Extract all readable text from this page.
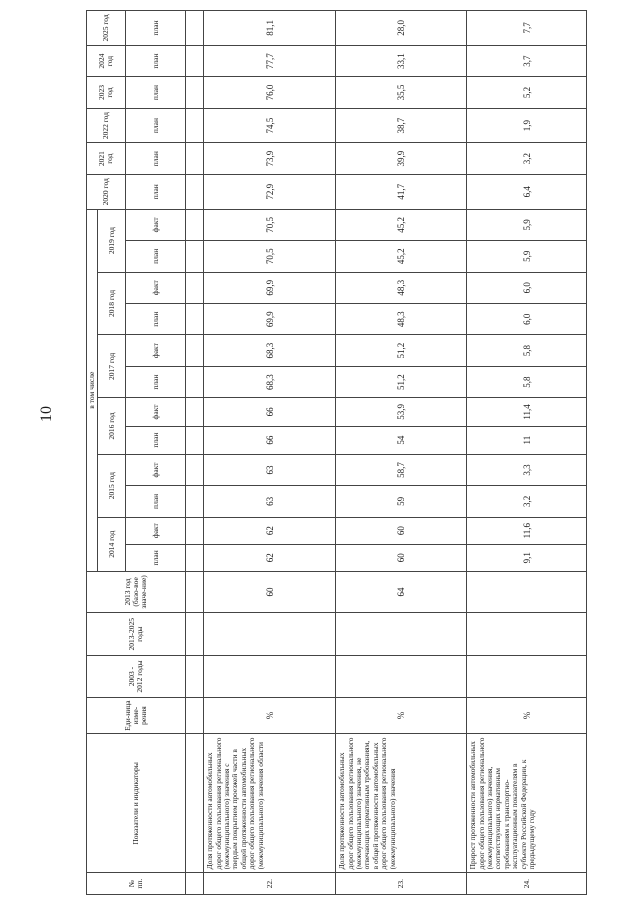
10
№ пп.	Показатели и индикаторы	Еди-ница изме-рения	2003 - 2012 годы	2013-2025 годы	2013 год (базо-вое значе-ние)	в том числе												2020 год	2021 год	2022 год	2023 год	2024 год	2025 год
						2014 год		2015 год		2016 год		2017 год		2018 год		2019 год							
						план	факт	план	факт	план	факт	план	факт	план	факт	план	факт	план	план	план	план	план	план

22.	Доля протяженности автомобильных дорог общего пользования регионального (межмуниципального) значения с твердым покрытием проезжей части в общей протяженности автомобильных дорог общего пользования регионального (межмуниципального) значения области	%			60	62	62	63	63	66	66	68,3	68,3	69,9	69,9	70,5	70,5	72,9	73,9	74,5	76,0	77,7	81,1
23.	Доля протяженности автомобильных дорог общего пользования регионального (межмуниципального) значения, не отвечающих нормативным требованиям, в общей протяженности автомобильных дорог общего пользования регионального (межмуниципального) значения	%			64	60	60	59	58,7	54	53,9	51,2	51,2	48,3	48,3	45,2	45,2	41,7	39,9	38,7	35,5	33,1	28,0
24.	Прирост протяженности автомобильных дорог общего пользования регионального (межмуниципального) значения, соответствующих нормативным требованиям к транспортно-эксплуатационным показателям в субъекте Российской Федерации, к предыдущему году	%				9,1	11,6	3,2	3,3	11	11,4	5,8	5,8	6,0	6,0	5,9	5,9	6,4	3,2	1,9	5,2	3,7	7,7
